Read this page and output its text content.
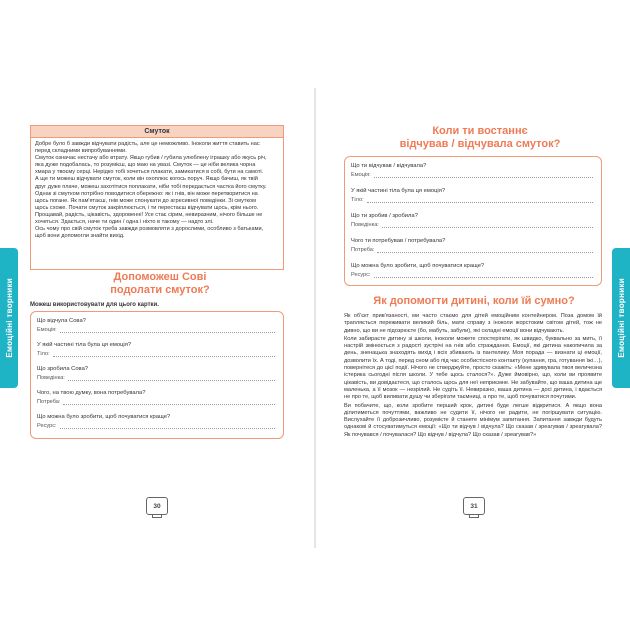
Емоційні творники	Емоційні творники
Смуток

Добре було б завжди відчувати радість, але це неможливо. Іноколи життя ставить нас

перед складними випробуваннями.

Смуток означає нестачу або втрату. Якщо губив / губила улюблену іграшку або якусь річ,

яка дуже подобалась, то розумієш, що маю на увазі. Смуток — це ніби велика чорна

хмара у твоєму серці. Нерідко тобі хочеться плакати, замикатися в собі, бути на самоті.

А ще ти можеш відчувати смуток, коли він охоплює когось поруч. Якщо бачиш, як твій

друг дуже плаче, можеш захотітися поплакати, ніби тобі передається частка його смутку.

Однак зі смутком потрібно поводитися обережно: як і гнів, він може перетворитися на

щось погане. Як пам'ятаєш, гнів може спонукати до агресивної поведінки. Зі смутком

щось схоже. Почати смуток закріплюється, і ти перестаєш відчувати щось, крім нього.

Прощавай, радість, цікавість, здоровенні! Усе стає сірим, невиразним, нічого більше не

хочеться. Здається, наче ти один / одна і ніхто в такому — надто злі.

Ось чому про свій смуток треба завжди розмовляти з дорослими, особливо з батьками,

щоб вони допомогли знайти вихід.

Допоможеш Сові
подолати смуток?
Можеш використовувати для цього картки.
Що відчула Сова?
Емоція:
У якій частині тіла була ця емоція?
Тіло:
Що зробила Сова?
Поведінка:
Чого, на твою думку, вона потребувала?
Потреба:
Що можна було зробити, щоб почуватися краще?
Ресурс:
30
Коли ти востаннє
відчував / відчувала смуток?
Що ти відчував / відчувала?
Емоція:
У якій частині тіла була ця емоція?
Тіло:
Що ти зробив / зробила?
Поведінка:
Чого ти потребував / потребувала?
Потреба:
Що можна було зробити, щоб почуватися краще?
Ресурс:
Як допомогти дитині, коли їй сумно?

Як об'єкт прив'язаності, ми часто стаємо для дітей емоційним контейнером. Поза домом їй трапляється переживати великий біль, мати справу з іноколи жорстоким світом дітей, тож не дивно, що ви не підозрюєте (бо, мабуть, забули), які складні емоції вони відчувають.

Коли забираєте дитину зі школи, іноколи можете спостерігати, як швидко, буквально за мить, її настрій змінюється з радості зустрічі на гнів або страждання. Емоції, які дитина накопичила за день, зненацька знаходять вихід і всіх збивають із пантелику. Моя порада — визнати ці емоції, дозволити їх. А тоді, перед сном або під час особистісного контакту (купання, гра, готування їжі…), повернітеся до цієї події. Нічого не стверджуйте, просто скажіть: «Мене здивувала твоя величезна істерика сьогодні після школи. У тебе щось сталося?». Дуже ймовірно, що, коли ви проявите цікавість, ви довідаєтеся, що сталось щось для неї неприємне. Не забувайте, що ваша дитина ще маленька, а її мозок — незрілий. Не судіть її. Невиразно, ваша дитина — досі дитина, і вдається не про те, щоб виливати душу чи зберігати таємниці, а про те, щоб почуватися почутими.

Ви побачите, що, коли зробите перший крок, дитині буде легше відкритися. А якщо вона ділитиметься почуттями, важливо не судити її, нічого не радити, не погіршувати ситуацію. Вислухайте її доброзичливо, розумієте й станете мінімум запитання. Запитання завжди будуть однакові й стосуватимуться емоції: «Що ти відчув / відчула? Що сказав / зреагував / зреагувала? Як почувався / почувалася? Що відчув / відчула? Що сказав / зреагував?»

31
